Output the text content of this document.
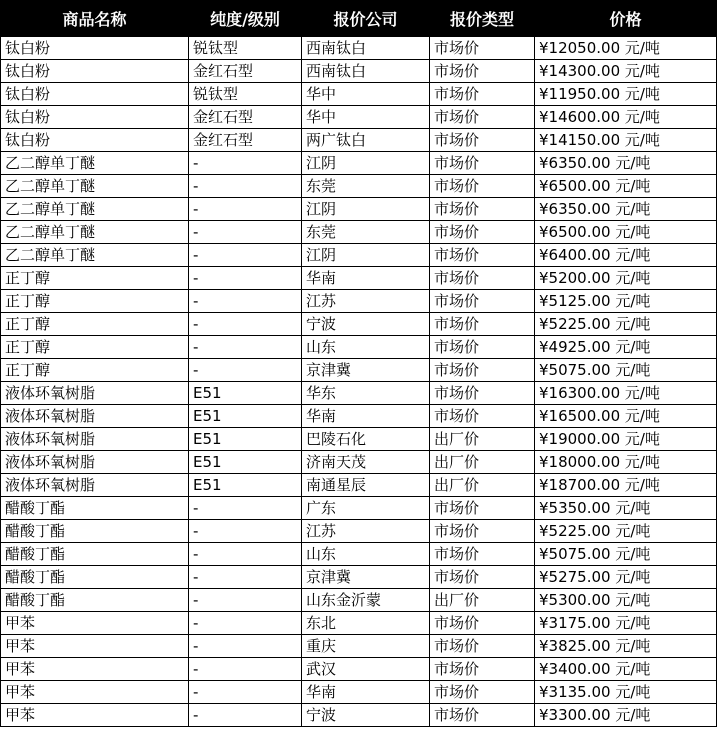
商品名称	纯度/级别	报价公司	报价类型	价格
钛白粉	锐钛型	西南钛白	市场价	¥12050.00 元/吨
钛白粉	金红石型	西南钛白	市场价	¥14300.00 元/吨
钛白粉	锐钛型	华中	市场价	¥11950.00 元/吨
钛白粉	金红石型	华中	市场价	¥14600.00 元/吨
钛白粉	金红石型	两广钛白	市场价	¥14150.00 元/吨
乙二醇单丁醚	-	江阴	市场价	¥6350.00 元/吨
乙二醇单丁醚	-	东莞	市场价	¥6500.00 元/吨
乙二醇单丁醚	-	江阴	市场价	¥6350.00 元/吨
乙二醇单丁醚	-	东莞	市场价	¥6500.00 元/吨
乙二醇单丁醚	-	江阴	市场价	¥6400.00 元/吨
正丁醇	-	华南	市场价	¥5200.00 元/吨
正丁醇	-	江苏	市场价	¥5125.00 元/吨
正丁醇	-	宁波	市场价	¥5225.00 元/吨
正丁醇	-	山东	市场价	¥4925.00 元/吨
正丁醇	-	京津冀	市场价	¥5075.00 元/吨
液体环氧树脂	E51	华东	市场价	¥16300.00 元/吨
液体环氧树脂	E51	华南	市场价	¥16500.00 元/吨
液体环氧树脂	E51	巴陵石化	出厂价	¥19000.00 元/吨
液体环氧树脂	E51	济南天茂	出厂价	¥18000.00 元/吨
液体环氧树脂	E51	南通星辰	出厂价	¥18700.00 元/吨
醋酸丁酯	-	广东	市场价	¥5350.00 元/吨
醋酸丁酯	-	江苏	市场价	¥5225.00 元/吨
醋酸丁酯	-	山东	市场价	¥5075.00 元/吨
醋酸丁酯	-	京津冀	市场价	¥5275.00 元/吨
醋酸丁酯	-	山东金沂蒙	出厂价	¥5300.00 元/吨
甲苯	-	东北	市场价	¥3175.00 元/吨
甲苯	-	重庆	市场价	¥3825.00 元/吨
甲苯	-	武汉	市场价	¥3400.00 元/吨
甲苯	-	华南	市场价	¥3135.00 元/吨
甲苯	-	宁波	市场价	¥3300.00 元/吨
